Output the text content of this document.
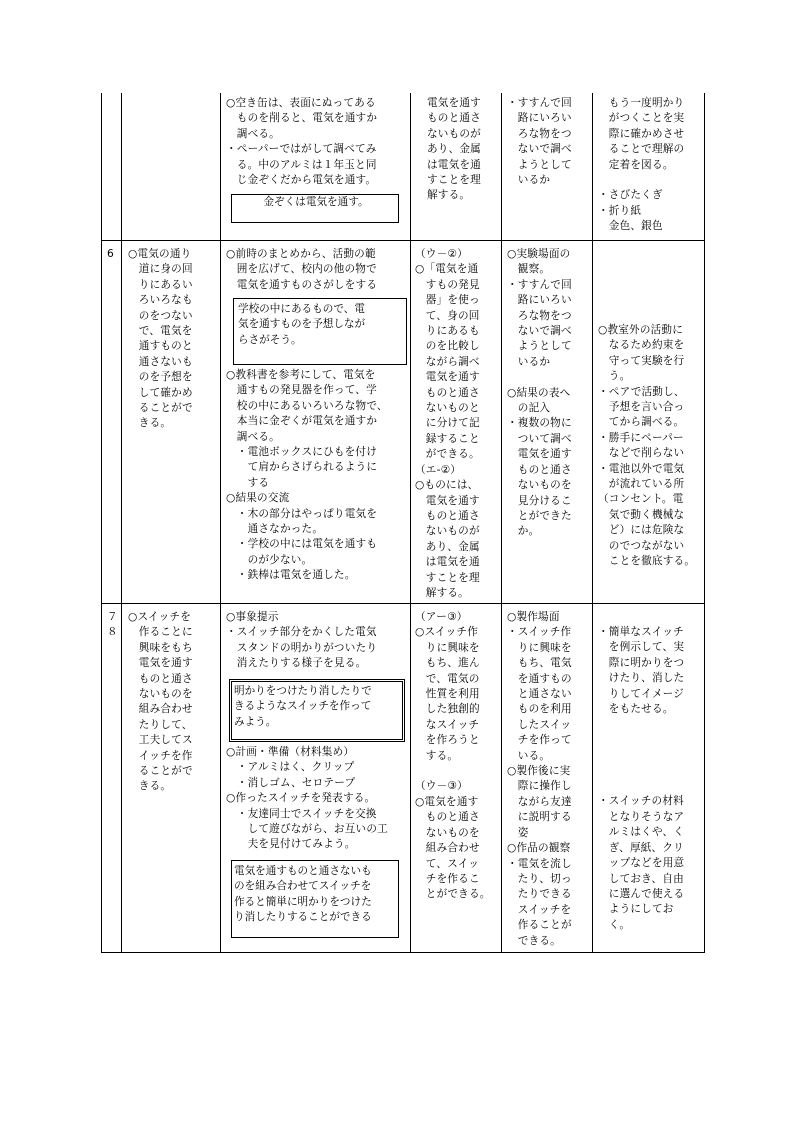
○空き缶は、表面にぬってある
　ものを削ると、電気を通すか
　調べる。
・ペーパーではがして調べてみ
　る。中のアルミは１年玉と同
　じ金ぞくだから電気を通す。
金ぞくは電気を通す。
電気を通す
ものと通さ
ないものが
あり、金属
は電気を通
すことを理
解する。
・すすんで回
　路にいろい
　ろな物をつ
　ないで調べ
　ようとして
　いるか
　もう一度明かり
　がつくことを実
　際に確かめさせ
　ることで理解の
　定着を図る。

・さびたくぎ
・折り紙
　金色、銀色
6	○電気の通り
　道に身の回
　りにあるい
　ろいろなも
　のをつない
　で、電気を
　通すものと
　通さないも
　のを予想を
　して確かめ
　ることがで
　きる。
○前時のまとめから、活動の範
　囲を広げて、校内の他の物で
　電気を通すものさがしをする
学校の中にあるもので、電
気を通すものを予想しなが
らさがそう。
○教科書を参考にして、電気を
　通すもの発見器を作って、学
　校の中にあるいろいろな物で、
　本当に金ぞくが電気を通すか
　調べる。
　・電池ボックスにひもを付け
　　て肩からさげられるように
　　する
○結果の交流
　・木の部分はやっぱり電気を
　　通さなかった。
　・学校の中には電気を通すも
　　のが少ない。
　・鉄棒は電気を通した。
（ウ－②）
○「電気を通
　すもの発見
　器」を使っ
　て、身の回
　りにあるも
　のを比較し
　ながら調べ
　電気を通す
　ものと通さ
　ないものと
　に分けて記
　録すること
　ができる。
（エ-②）
○ものには、
　電気を通す
　ものと通さ
　ないものが
　あり、金属
　は電気を通
　すことを理
　解する。
○実験場面の
　観察。
・すすんで回
　路にいろい
　ろな物をつ
　ないで調べ
　ようとして
　いるか

○結果の表へ
　の記入
・複数の物に
　ついて調べ
　電気を通す
　ものと通さ
　ないものを
　見分けるこ
　とができた
　か。
○教室外の活動に
　なるため約束を
　守って実験を行
　う。
・ペアで活動し、
　予想を言い合っ
　てから調べる。
・勝手にペーパー
　などで削らない
・電池以外で電気
　が流れている所
（コンセント。電
　気で動く機械な
　ど）には危険な
　のでつながない
　ことを徹底する。
７
８
○スイッチを
　作ることに
　興味をもち
　電気を通す
　ものと通さ
　ないものを
　組み合わせ
　たりして、
　工夫してス
　イッチを作
　ることがで
　きる。
○事象提示
・スイッチ部分をかくした電気
　スタンドの明かりがついたり
　消えたりする様子を見る。
明かりをつけたり消したりで
きるようなスイッチを作って
みよう。
○計画・準備（材料集め）
　・アルミはく、クリップ
　・消しゴム、セロテープ
○作ったスイッチを発表する。
　・友達同士でスイッチを交換
　　して遊びながら、お互いの工
　　夫を見付けてみよう。
電気を通すものと通さないも
のを組み合わせてスイッチを
作ると簡単に明かりをつけた
り消したりすることができる
（アー③）
○スイッチ作
　りに興味を
　もち、進ん
　で、電気の
　性質を利用
　した独創的
　なスイッチ
　を作ろうと
　する。

（ウ－③）
○電気を通す
　ものと通さ
　ないものを
　組み合わせ
　て、スイッ
　チを作るこ
　とができる。
○製作場面
・スイッチ作
　りに興味を
　もち、電気
　を通すもの
　と通さない
　ものを利用
　したスイッ
　チを作って
　いる。
○製作後に実
　際に操作し
　ながら友達
　に説明する
　姿
○作品の観察
・電気を流し
　たり、切っ
　たりできる
　スイッチを
　作ることが
　できる。
・簡単なスイッチ
　を例示して、実
　際に明かりをつ
　けたり、消した
　りしてイメージ
　をもたせる。

・スイッチの材料
　となりそうなア
　ルミはくや、く
　ぎ、厚紙、クリ
　ップなどを用意
　しておき、自由
　に選んで使える
　ようにしてお
　く。
